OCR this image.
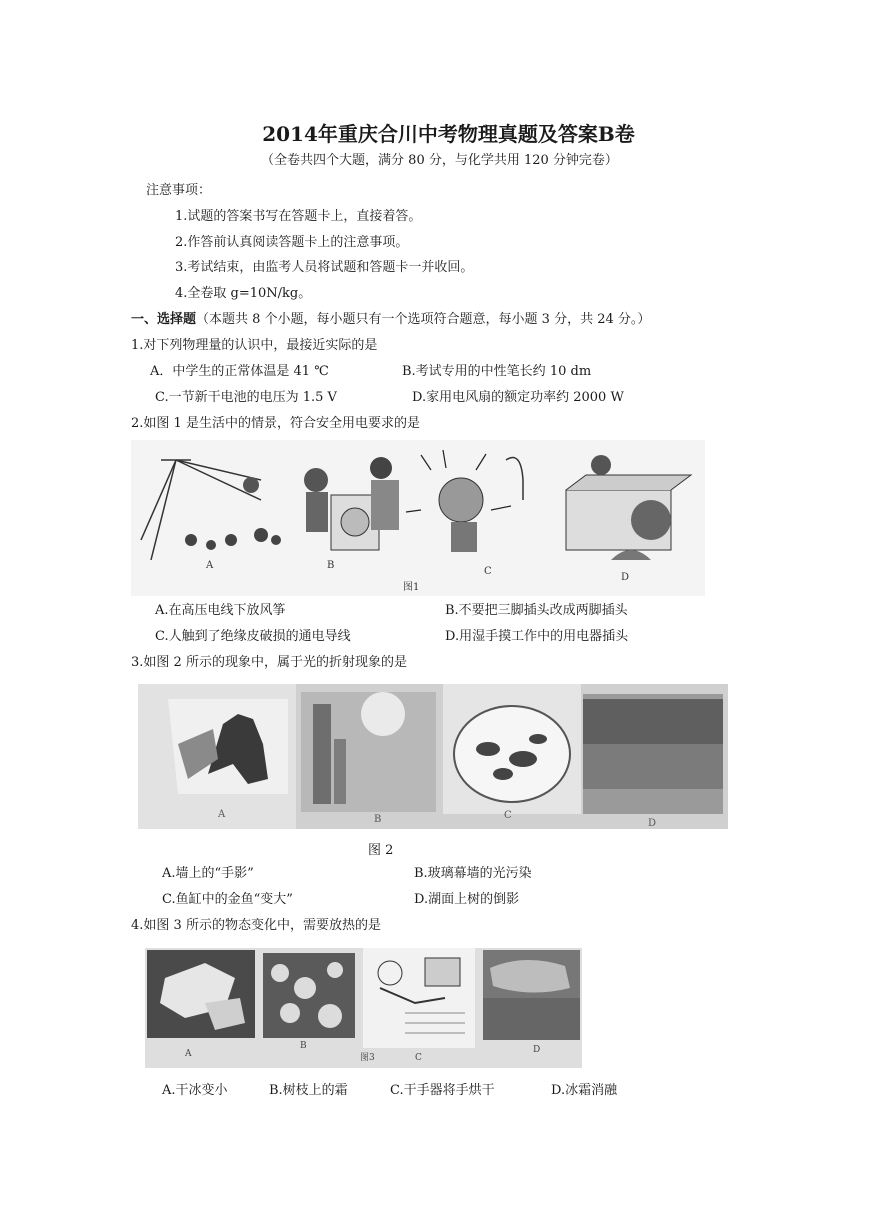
2014年重庆合川中考物理真题及答案B卷
（全卷共四个大题，满分 80 分，与化学共用 120 分钟完卷）
注意事项：
1.试题的答案书写在答题卡上，直接着答。
2.作答前认真阅读答题卡上的注意事项。
3.考试结束，由监考人员将试题和答题卡一并收回。
4.全卷取 g=10N/kg。
一、选择题（本题共 8 个小题，每小题只有一个选项符合题意，每小题 3 分，共 24 分。）
1.对下列物理量的认识中，最接近实际的是
A．中学生的正常体温是 41 ℃	B.考试专用的中性笔长约 10 dm
C.一节新干电池的电压为 1.5 V	D.家用电风扇的额定功率约 2000 W
2.如图 1 是生活中的情景，符合安全用电要求的是
A	B
C
D
图1
A.在高压电线下放风筝	B.不要把三脚插头改成两脚插头
C.人触到了绝缘皮破损的通电导线	D.用湿手摸工作中的用电器插头
3.如图 2 所示的现象中，属于光的折射现象的是
A	B	C
D
图 2
A.墙上的“手影”	B.玻璃幕墙的光污染
C.鱼缸中的金鱼“变大”	D.湖面上树的倒影
4.如图 3 所示的物态变化中，需要放热的是
A
B
C
图3
D
A.干冰变小	B.树枝上的霜	C.干手器将手烘干	D.冰霜消融
